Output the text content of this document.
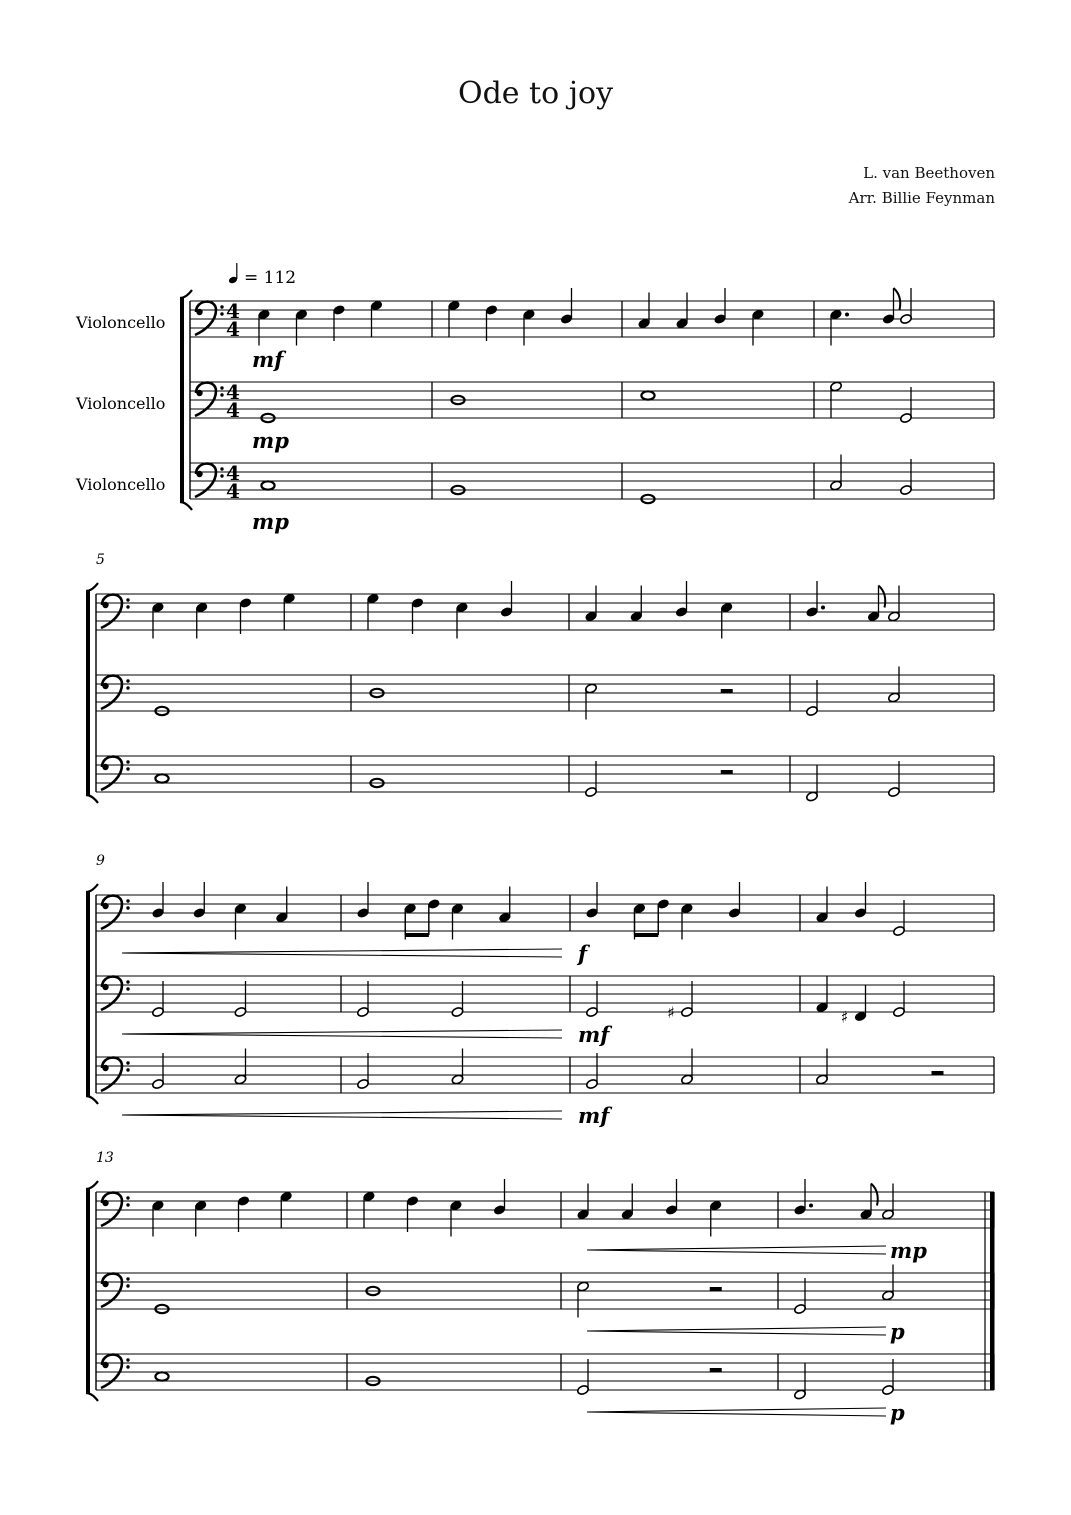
Ode to joy
L. van Beethoven
Arr. Billie Feynman
= 112
Violoncello	4
4
Violoncello	4
4
Violoncello	4
4
5
9
♯	♯
13
mf
mp
mp
f
mf
mf
mp
p
p
